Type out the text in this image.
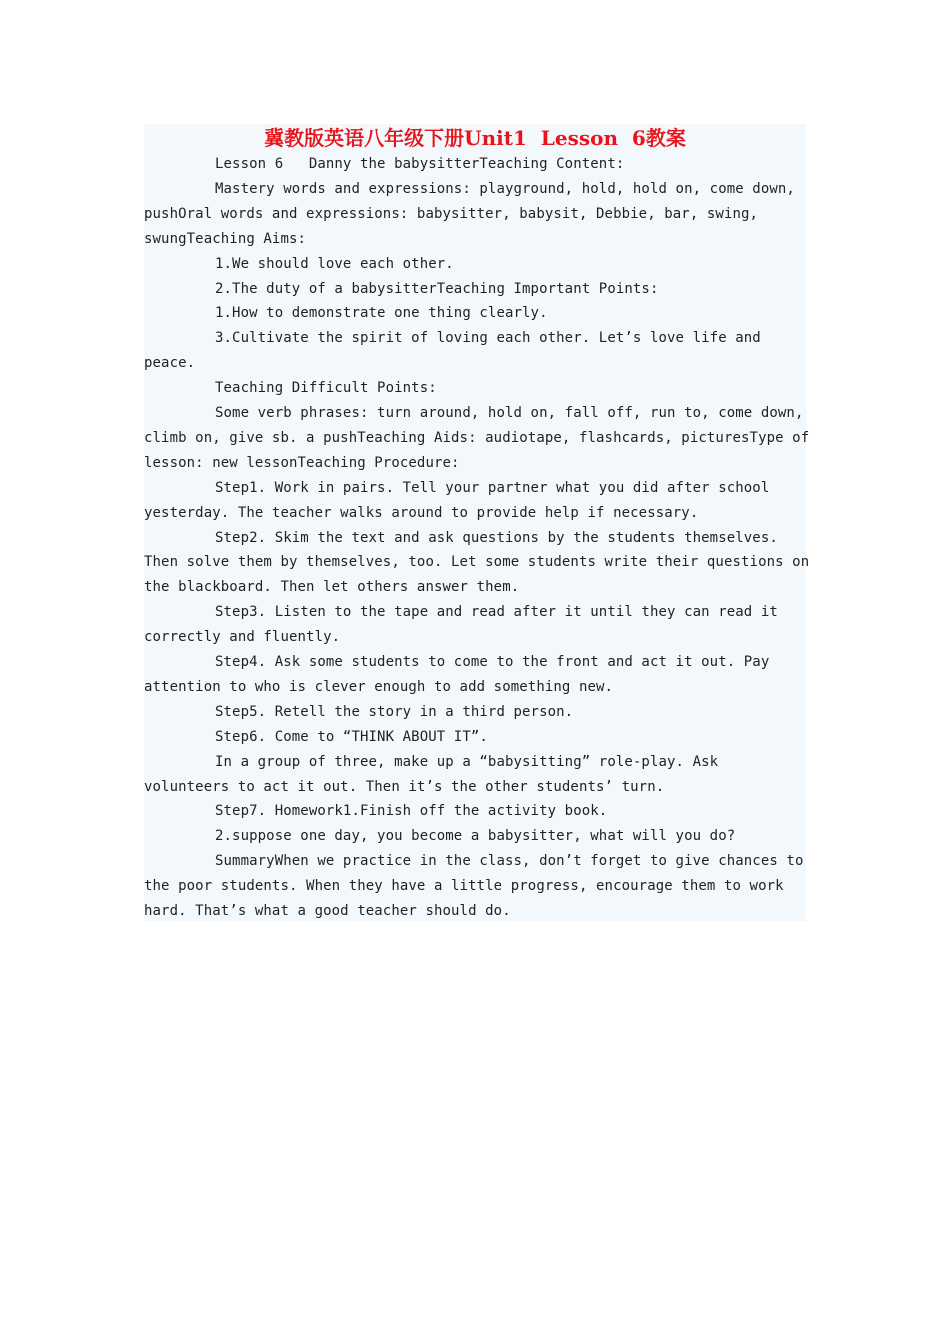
冀教版英语八年级下册Unit1  Lesson  6教案
Lesson 6   Danny the babysitterTeaching Content:
Mastery words and expressions: playground, hold, hold on, come down,
pushOral words and expressions: babysitter, babysit, Debbie, bar, swing,
swungTeaching Aims:
1.We should love each other.
2.The duty of a babysitterTeaching Important Points:
1.How to demonstrate one thing clearly.
3.Cultivate the spirit of loving each other. Let’s love life and
peace.
Teaching Difficult Points:
Some verb phrases: turn around, hold on, fall off, run to, come down,
climb on, give sb. a pushTeaching Aids: audiotape, flashcards, picturesType of
lesson: new lessonTeaching Procedure:
Step1. Work in pairs. Tell your partner what you did after school
yesterday. The teacher walks around to provide help if necessary.
Step2. Skim the text and ask questions by the students themselves.
Then solve them by themselves, too. Let some students write their questions on
the blackboard. Then let others answer them.
Step3. Listen to the tape and read after it until they can read it
correctly and fluently.
Step4. Ask some students to come to the front and act it out. Pay
attention to who is clever enough to add something new.
Step5. Retell the story in a third person.
Step6. Come to “THINK ABOUT IT”.
In a group of three, make up a “babysitting” role-play. Ask
volunteers to act it out. Then it’s the other students’ turn.
Step7. Homework1.Finish off the activity book.
2.suppose one day, you become a babysitter, what will you do?
SummaryWhen we practice in the class, don’t forget to give chances to
the poor students. When they have a little progress, encourage them to work
hard. That’s what a good teacher should do.
